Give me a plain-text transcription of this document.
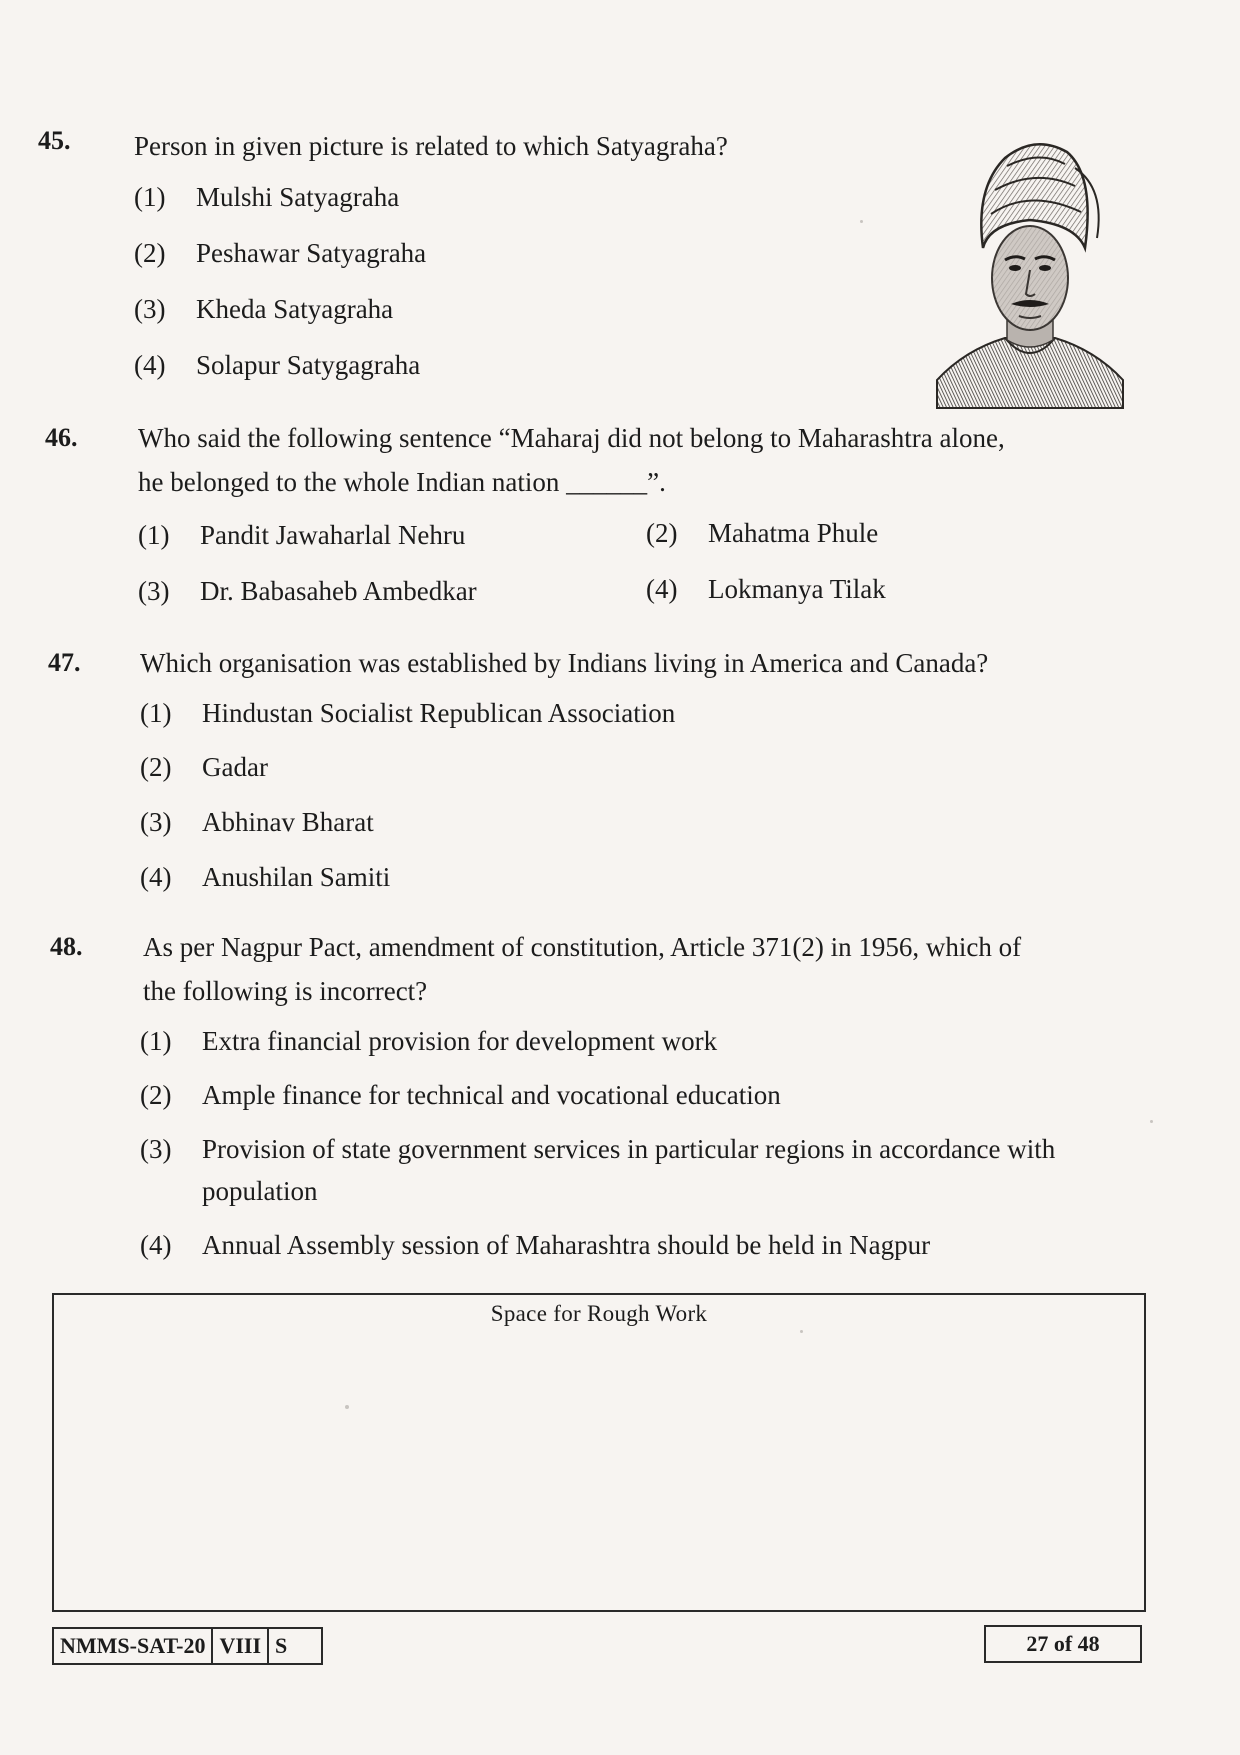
45. Person in given picture is related to which Satyagraha?
(1) Mulshi Satyagraha
(2) Peshawar Satyagraha
(3) Kheda Satyagraha
(4) Solapur Satygagraha
46. Who said the following sentence “Maharaj did not belong to Maharashtra alone,
he belonged to the whole Indian nation ______”.
(1) Pandit Jawaharlal Nehru	(2) Mahatma Phule
(3) Dr. Babasaheb Ambedkar	(4) Lokmanya Tilak
47. Which organisation was established by Indians living in America and Canada?
(1) Hindustan Socialist Republican Association
(2) Gadar
(3) Abhinav Bharat
(4) Anushilan Samiti
48. As per Nagpur Pact, amendment of constitution, Article 371(2) in 1956, which of
the following is incorrect?
(1) Extra financial provision for development work
(2) Ample finance for technical and vocational education
(3) Provision of state government services in particular regions in accordance with
population
(4) Annual Assembly session of Maharashtra should be held in Nagpur
Space for Rough Work
NMMS-SAT-20 VIII S	27 of 48
